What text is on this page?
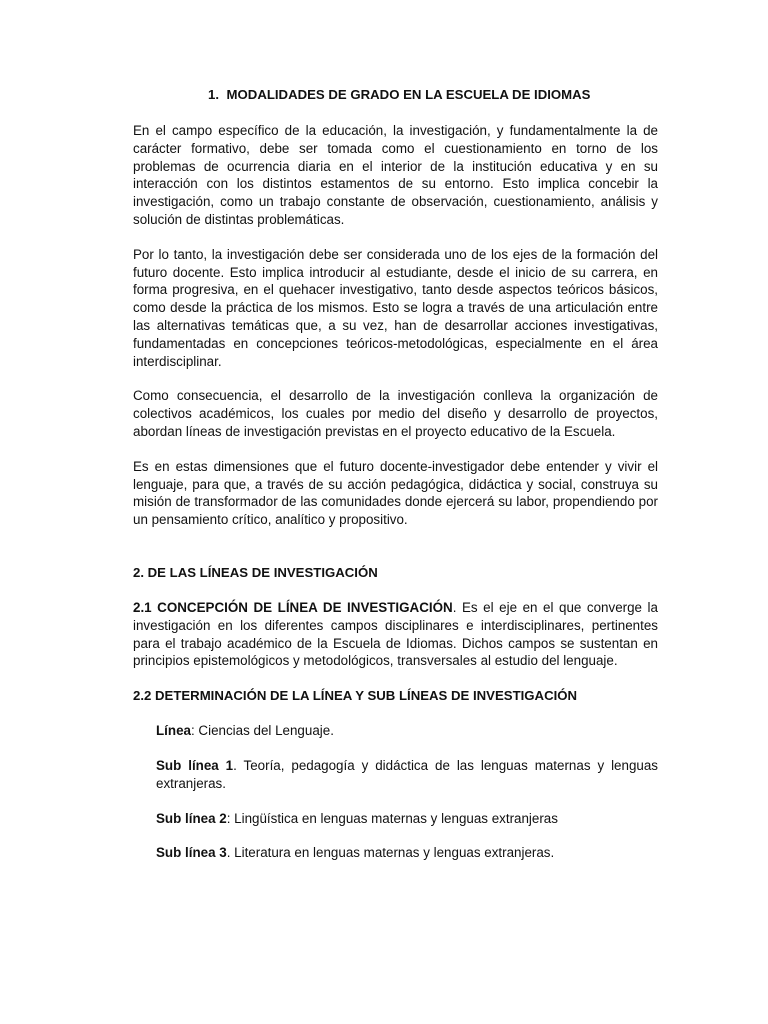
1. MODALIDADES DE GRADO EN LA ESCUELA DE IDIOMAS

En el campo específico de la educación, la investigación, y fundamentalmente la de carácter formativo, debe ser tomada como el cuestionamiento en torno de los problemas de ocurrencia diaria en el interior de la institución educativa y en su interacción con los distintos estamentos de su entorno. Esto implica concebir la investigación, como un trabajo constante de observación, cuestionamiento, análisis y solución de distintas problemáticas.

Por lo tanto, la investigación debe ser considerada uno de los ejes de la formación del futuro docente. Esto implica introducir al estudiante, desde el inicio de su carrera, en forma progresiva, en el quehacer investigativo, tanto desde aspectos teóricos básicos, como desde la práctica de los mismos. Esto se logra a través de una articulación entre las alternativas temáticas que, a su vez, han de desarrollar acciones investigativas, fundamentadas en concepciones teóricos-metodológicas, especialmente en el área interdisciplinar.

Como consecuencia, el desarrollo de la investigación conlleva la organización de colectivos académicos, los cuales por medio del diseño y desarrollo de proyectos, abordan líneas de investigación previstas en el proyecto educativo de la Escuela.

Es en estas dimensiones que el futuro docente-investigador debe entender y vivir el lenguaje, para que, a través de su acción pedagógica, didáctica y social, construya su misión de transformador de las comunidades donde ejercerá su labor, propendiendo por un pensamiento crítico, analítico y propositivo.

2. DE LAS LÍNEAS DE INVESTIGACIÓN

2.1 CONCEPCIÓN DE LÍNEA DE INVESTIGACIÓN. Es el eje en el que converge la investigación en los diferentes campos disciplinares e interdisciplinares, pertinentes para el trabajo académico de la Escuela de Idiomas. Dichos campos se sustentan en principios epistemológicos y metodológicos, transversales al estudio del lenguaje.

2.2 DETERMINACIÓN DE LA LÍNEA Y SUB LÍNEAS DE INVESTIGACIÓN

Línea: Ciencias del Lenguaje.

Sub línea 1. Teoría, pedagogía y didáctica de las lenguas maternas y lenguas extranjeras.

Sub línea 2: Lingüística en lenguas maternas y lenguas extranjeras

Sub línea 3. Literatura en lenguas maternas y lenguas extranjeras.
